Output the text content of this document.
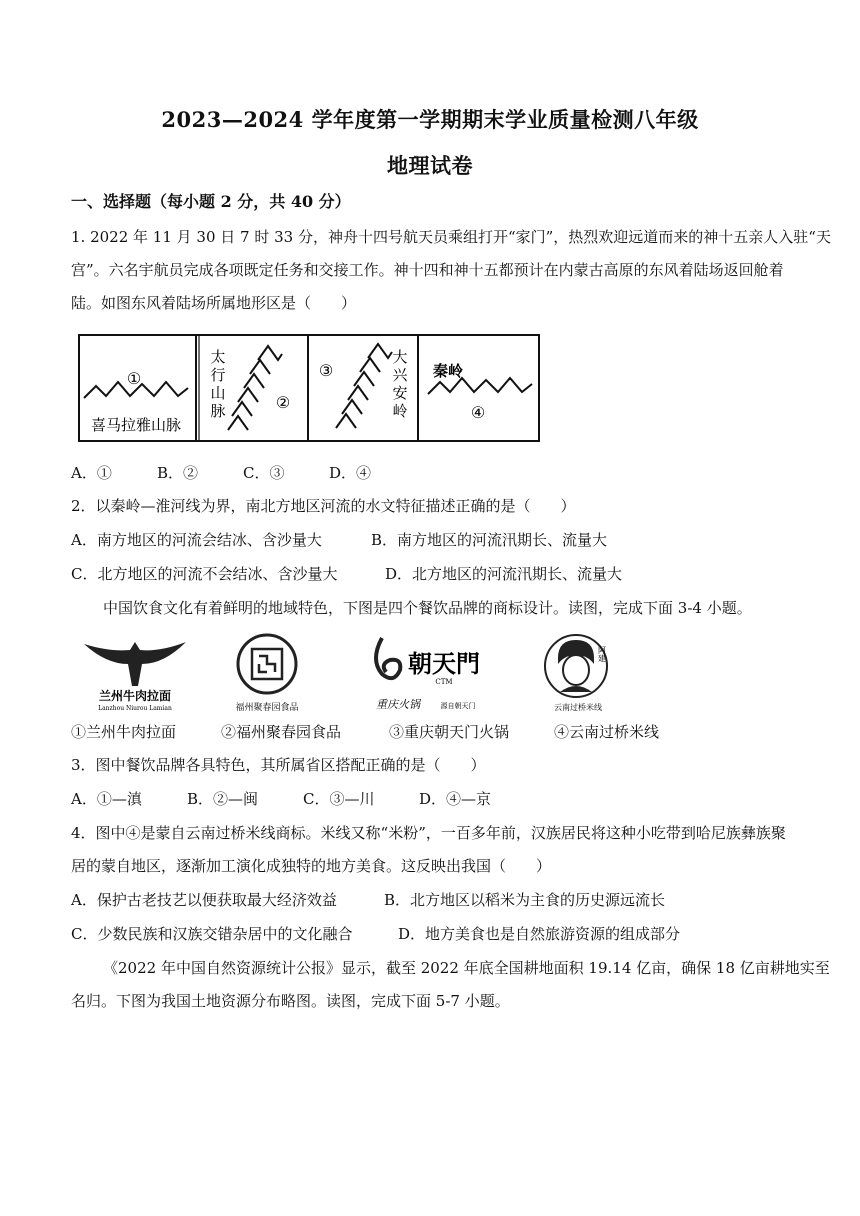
2023—2024 学年度第一学期期末学业质量检测八年级
地理试卷
一、选择题（每小题 2 分，共 40 分）
1. 2022 年 11 月 30 日 7 时 33 分，神舟十四号航天员乘组打开“家门”，热烈欢迎远道而来的神十五亲人入驻“天
宫”。六名宇航员完成各项既定任务和交接工作。神十四和神十五都预计在内蒙古高原的东风着陆场返回舱着
陆。如图东风着陆场所属地形区是（　　）
①
喜马拉雅山脉
太
行
山
脉	②
③
大
兴
安
岭
秦岭
④
A．①	B．②	C．③	D．④
2．以秦岭—淮河线为界，南北方地区河流的水文特征描述正确的是（　　）
A．南方地区的河流会结冰、含沙量大	B．南方地区的河流汛期长、流量大
C．北方地区的河流不会结冰、含沙量大	D．北方地区的河流汛期长、流量大
中国饮食文化有着鲜明的地域特色，下图是四个餐饮品牌的商标设计。读图，完成下面 3-4 小题。
兰州牛肉拉面
Lanzhou Niurou Lamian	福州聚春园食品
朝天門
CTM
重庆火锅	源自朝天门
阿建
云南过桥米线
①兰州牛肉拉面	②福州聚春园食品	③重庆朝天门火锅	④云南过桥米线
3．图中餐饮品牌各具特色，其所属省区搭配正确的是（　　）
A．①—滇	B．②—闽	C．③—川	D．④—京
4．图中④是蒙自云南过桥米线商标。米线又称“米粉”，一百多年前，汉族居民将这种小吃带到哈尼族彝族聚
居的蒙自地区，逐渐加工演化成独特的地方美食。这反映出我国（　　）
A．保护古老技艺以便获取最大经济效益	B．北方地区以稻米为主食的历史源远流长
C．少数民族和汉族交错杂居中的文化融合	D．地方美食也是自然旅游资源的组成部分
《2022 年中国自然资源统计公报》显示，截至 2022 年底全国耕地面积 19.14 亿亩，确保 18 亿亩耕地实至
名归。下图为我国土地资源分布略图。读图，完成下面 5-7 小题。
